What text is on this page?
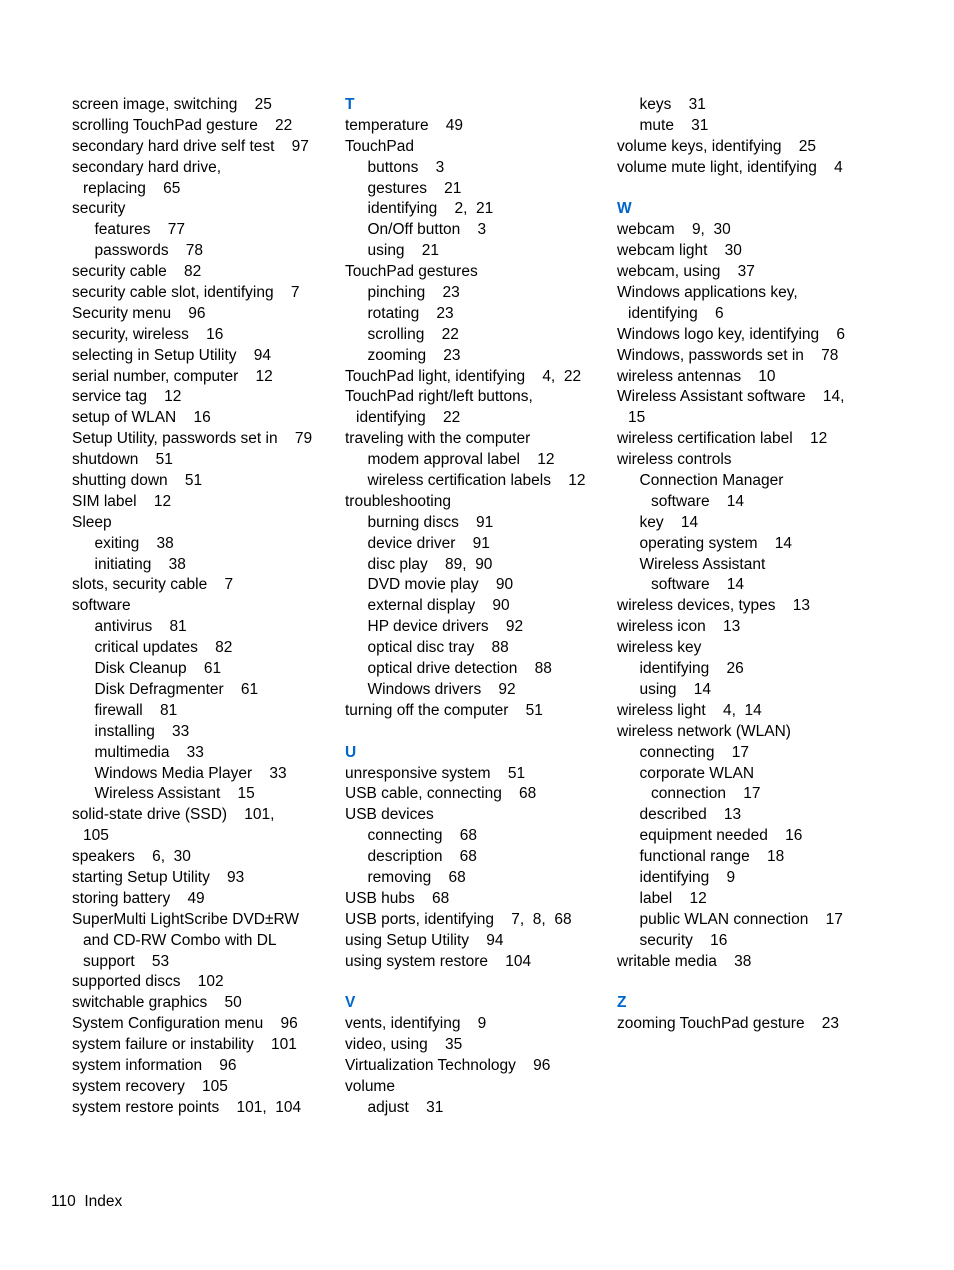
screen image, switching    25
scrolling TouchPad gesture    22
secondary hard drive self test    97
secondary hard drive,
replacing    65
security
features    77
passwords    78
security cable    82
security cable slot, identifying    7
Security menu    96
security, wireless    16
selecting in Setup Utility    94
serial number, computer    12
service tag    12
setup of WLAN    16
Setup Utility, passwords set in    79
shutdown    51
shutting down    51
SIM label    12
Sleep
exiting    38
initiating    38
slots, security cable    7
software
antivirus    81
critical updates    82
Disk Cleanup    61
Disk Defragmenter    61
firewall    81
installing    33
multimedia    33
Windows Media Player    33
Wireless Assistant    15
solid-state drive (SSD)    101,
105
speakers    6,  30
starting Setup Utility    93
storing battery    49
SuperMulti LightScribe DVD±RW
and CD-RW Combo with DL
support    53
supported discs    102
switchable graphics    50
System Configuration menu    96
system failure or instability    101
system information    96
system recovery    105
system restore points    101,  104
T
temperature    49
TouchPad
buttons    3
gestures    21
identifying    2,  21
On/Off button    3
using    21
TouchPad gestures
pinching    23
rotating    23
scrolling    22
zooming    23
TouchPad light, identifying    4,  22
TouchPad right/left buttons,
identifying    22
traveling with the computer
modem approval label    12
wireless certification labels    12
troubleshooting
burning discs    91
device driver    91
disc play    89,  90
DVD movie play    90
external display    90
HP device drivers    92
optical disc tray    88
optical drive detection    88
Windows drivers    92
turning off the computer    51
U
unresponsive system    51
USB cable, connecting    68
USB devices
connecting    68
description    68
removing    68
USB hubs    68
USB ports, identifying    7,  8,  68
using Setup Utility    94
using system restore    104
V
vents, identifying    9
video, using    35
Virtualization Technology    96
volume
adjust    31
keys    31
mute    31
volume keys, identifying    25
volume mute light, identifying    4
W
webcam    9,  30
webcam light    30
webcam, using    37
Windows applications key,
identifying    6
Windows logo key, identifying    6
Windows, passwords set in    78
wireless antennas    10
Wireless Assistant software    14,
15
wireless certification label    12
wireless controls
Connection Manager
software    14
key    14
operating system    14
Wireless Assistant
software    14
wireless devices, types    13
wireless icon    13
wireless key
identifying    26
using    14
wireless light    4,  14
wireless network (WLAN)
connecting    17
corporate WLAN
connection    17
described    13
equipment needed    16
functional range    18
identifying    9
label    12
public WLAN connection    17
security    16
writable media    38
Z
zooming TouchPad gesture    23
110 Index
